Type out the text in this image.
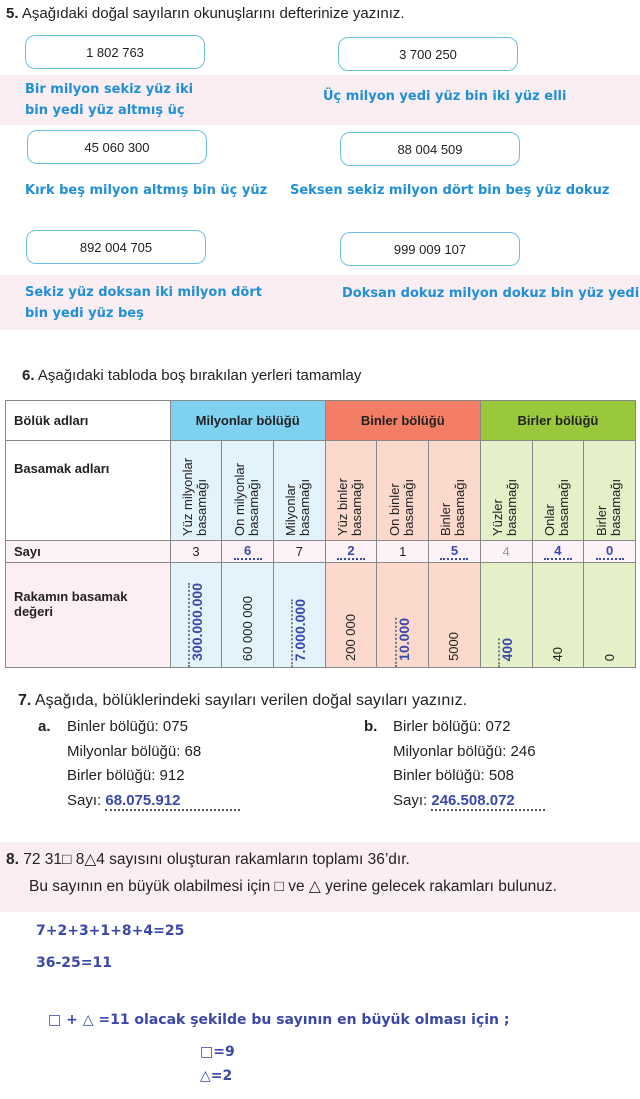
5. Aşağıdaki doğal sayıların okunuşlarını defterinize yazınız.
1 802 763	3 700 250
45 060 300	88 004 509
892 004 705	999 009 107
Bir milyon sekiz yüz iki bin yedi yüz altmış üç
Üç milyon yedi yüz bin iki yüz elli
Kırk beş milyon altmış bin üç yüz	Seksen sekiz milyon dört bin beş yüz dokuz
Sekiz yüz doksan iki milyon dört bin yedi yüz beş
Doksan dokuz milyon dokuz bin yüz yedi
6. Aşağıdaki tabloda boş bırakılan yerleri tamamlay
Bölük adları	Milyonlar bölüğü			Binler bölüğü			Birler bölüğü		
Basamak adları	Yüz milyonlar basamağı	On milyonlar basamağı	Milyonlar basamağı	Yüz binler basamağı	On binler basamağı	Binler basamağı	Yüzler basamağı	Onlar basamağı	Birler basamağı

Sayı	3	6	7	2	1	5	4	4	0
Rakamın basamak değeri	300.000.000	60 000 000	7.000.000	200 000	10.000	5000	400	40	0
7. Aşağıda, bölüklerindeki sayıları verilen doğal sayıları yazınız.
a. Binler bölüğü: 075
Milyonlar bölüğü: 68
Birler bölüğü: 912
Sayı: 68.075.912
b. Birler bölüğü: 072
Milyonlar bölüğü: 246
Binler bölüğü: 508
Sayı: 246.508.072
8. 72 31□ 8△4 sayısını oluşturan rakamların toplamı 36’dır.
Bu sayının en büyük olabilmesi için □ ve △ yerine gelecek rakamları bulunuz.
7+2+3+1+8+4=25
36-25=11
□ + △ =11 olacak şekilde bu sayının en büyük olması için ;
□=9
△=2
